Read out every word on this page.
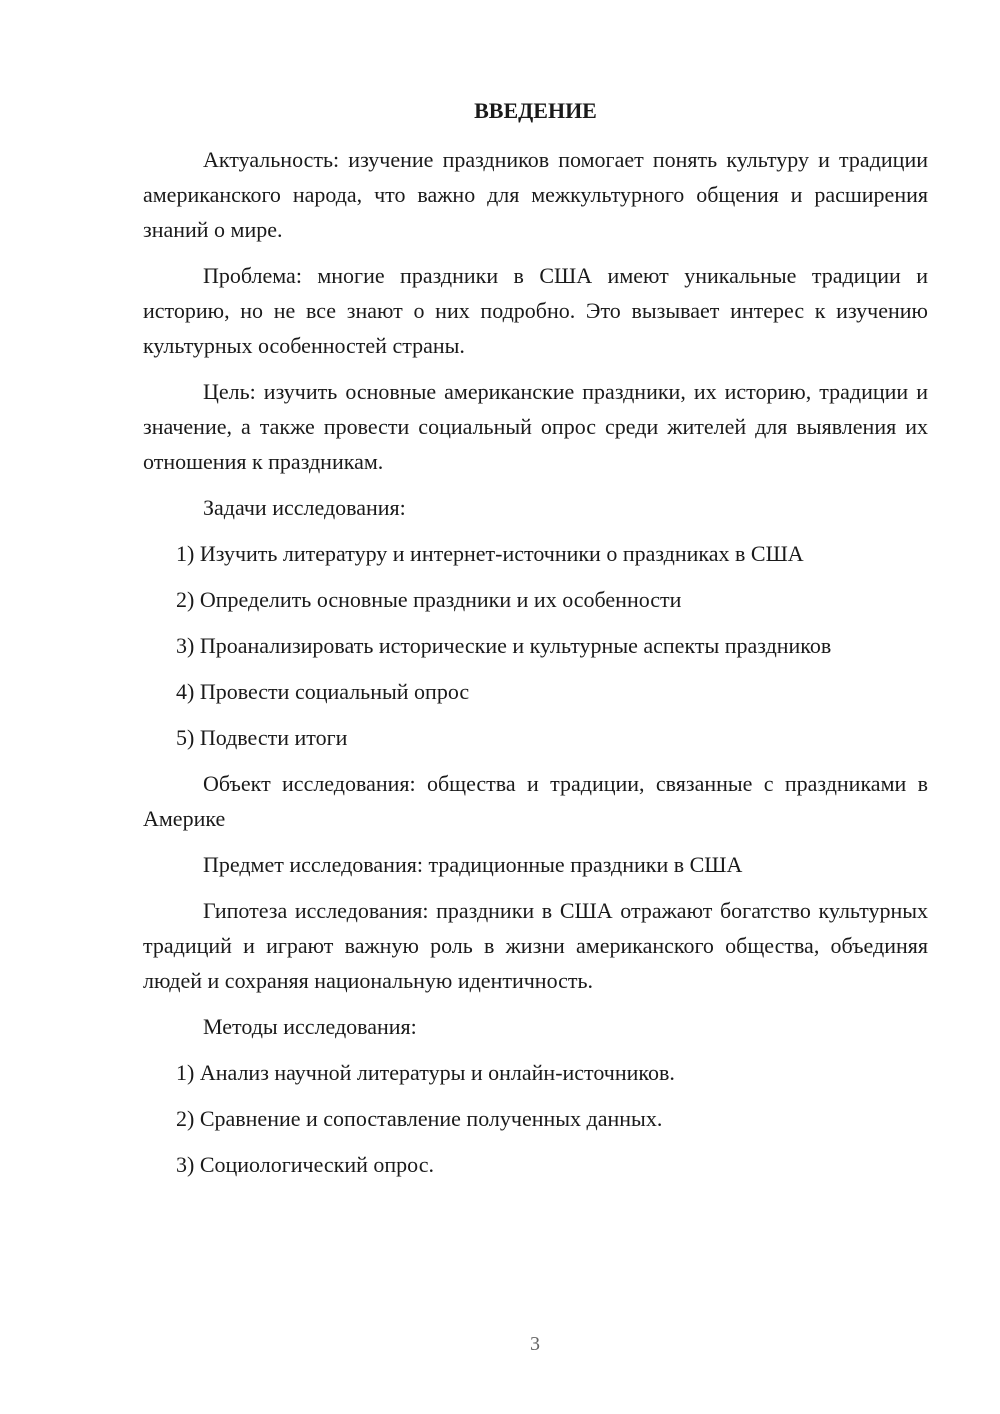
ВВЕДЕНИЕ

Актуальность: изучение праздников помогает понять культуру и традиции американского народа, что важно для межкультурного общения и расширения знаний о мире.

Проблема: многие праздники в США имеют уникальные традиции и историю, но не все знают о них подробно. Это вызывает интерес к изучению культурных особенностей страны.

Цель: изучить основные американские праздники, их историю, традиции и значение, а также провести социальный опрос среди жителей для выявления их отношения к праздникам.

Задачи исследования:

1) Изучить литературу и интернет-источники о праздниках в США
2) Определить основные праздники и их особенности
3) Проанализировать исторические и культурные аспекты праздников
4) Провести социальный опрос
5) Подвести итоги

Объект исследования: общества и традиции, связанные с праздниками в Америке

Предмет исследования: традиционные праздники в США

Гипотеза исследования: праздники в США отражают богатство культурных традиций и играют важную роль в жизни американского общества, объединяя людей и сохраняя национальную идентичность.

Методы исследования:

1) Анализ научной литературы и онлайн-источников.
2) Сравнение и сопоставление полученных данных.
3) Социологический опрос.
3
